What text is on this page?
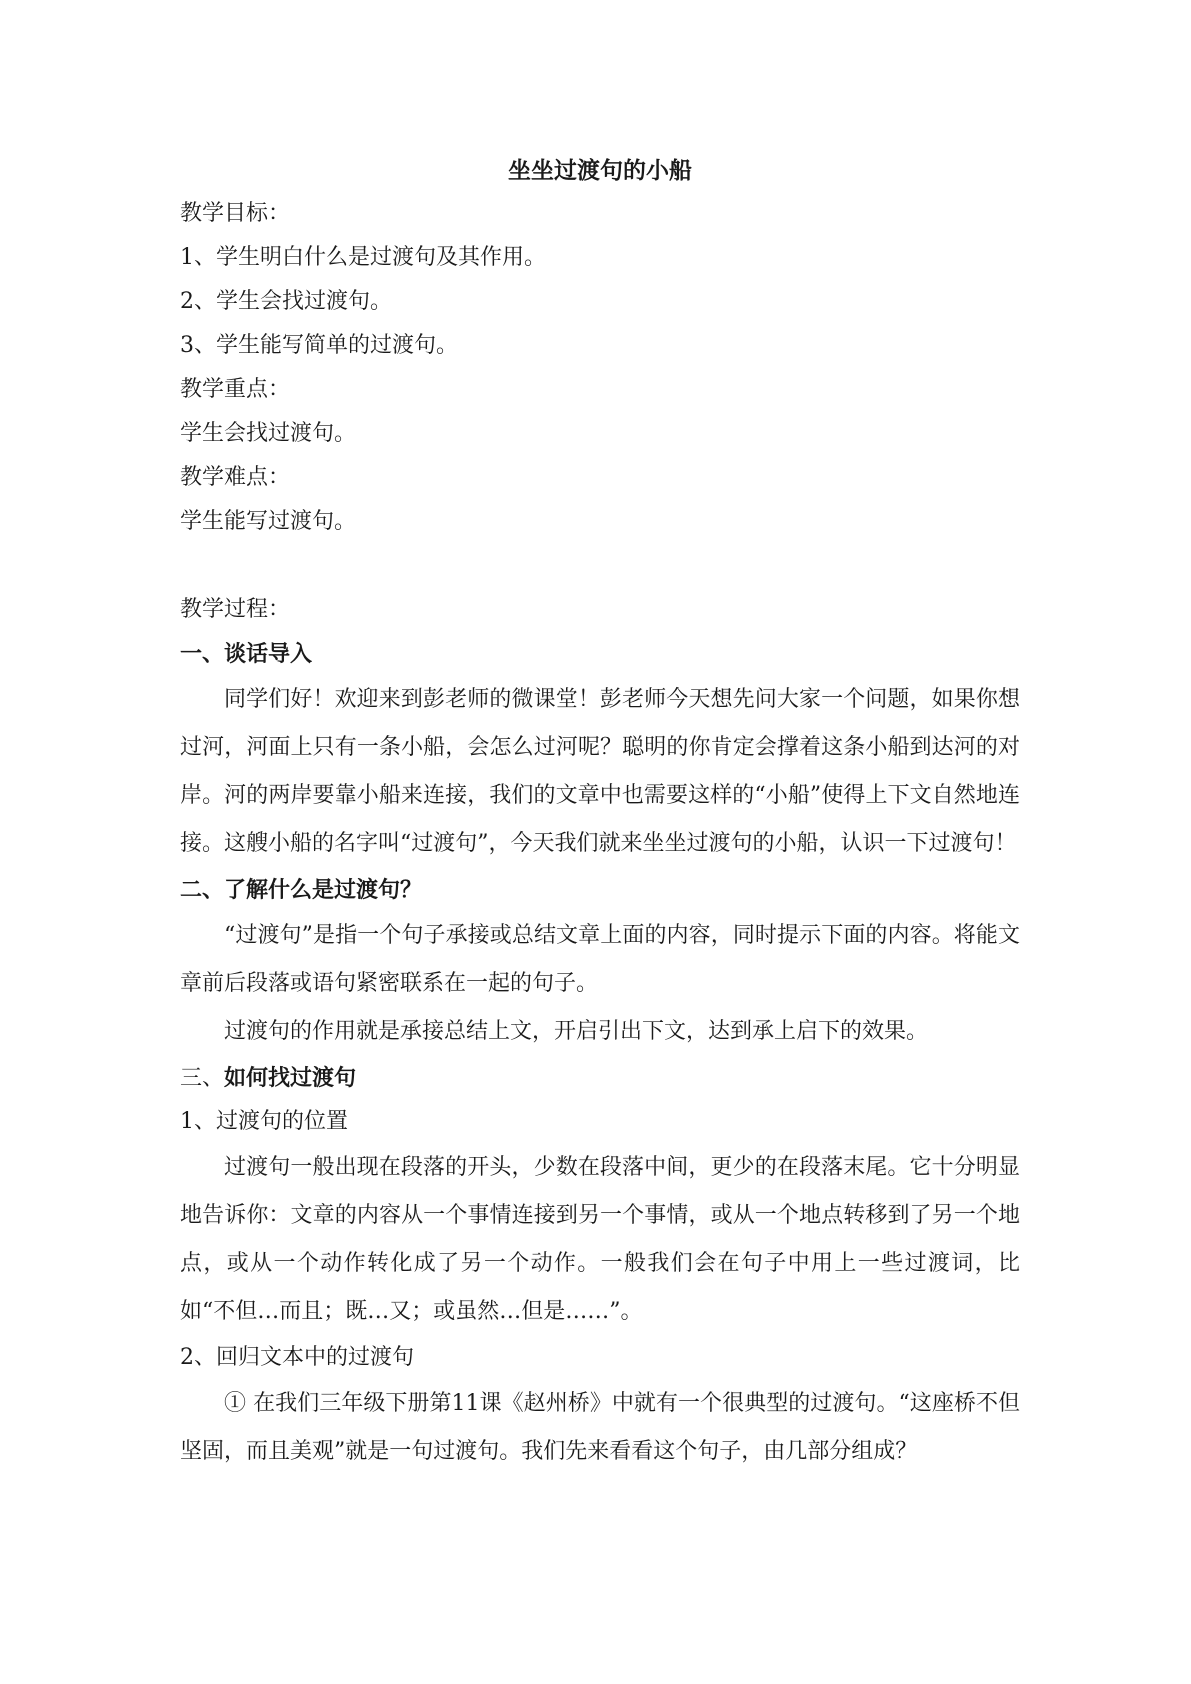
坐坐过渡句的小船
教学目标：
1、学生明白什么是过渡句及其作用。
2、学生会找过渡句。
3、学生能写简单的过渡句。
教学重点：
学生会找过渡句。
教学难点：
学生能写过渡句。
教学过程：
一、谈话导入

同学们好！欢迎来到彭老师的微课堂！彭老师今天想先问大家一个问题，如果你想过河，河面上只有一条小船，会怎么过河呢？聪明的你肯定会撑着这条小船到达河的对岸。河的两岸要靠小船来连接，我们的文章中也需要这样的“小船”使得上下文自然地连接。这艘小船的名字叫“过渡句”，今天我们就来坐坐过渡句的小船，认识一下过渡句！

二、了解什么是过渡句？

“过渡句”是指一个句子承接或总结文章上面的内容，同时提示下面的内容。将能文章前后段落或语句紧密联系在一起的句子。

过渡句的作用就是承接总结上文，开启引出下文，达到承上启下的效果。

三、如何找过渡句
1、过渡句的位置

过渡句一般出现在段落的开头，少数在段落中间，更少的在段落末尾。它十分明显地告诉你：文章的内容从一个事情连接到另一个事情，或从一个地点转移到了另一个地点，或从一个动作转化成了另一个动作。一般我们会在句子中用上一些过渡词，比如“不但…而且；既…又；或虽然…但是……”。

2、回归文本中的过渡句

① 在我们三年级下册第11课《赵州桥》中就有一个很典型的过渡句。“这座桥不但坚固，而且美观”就是一句过渡句。我们先来看看这个句子，由几部分组成？
